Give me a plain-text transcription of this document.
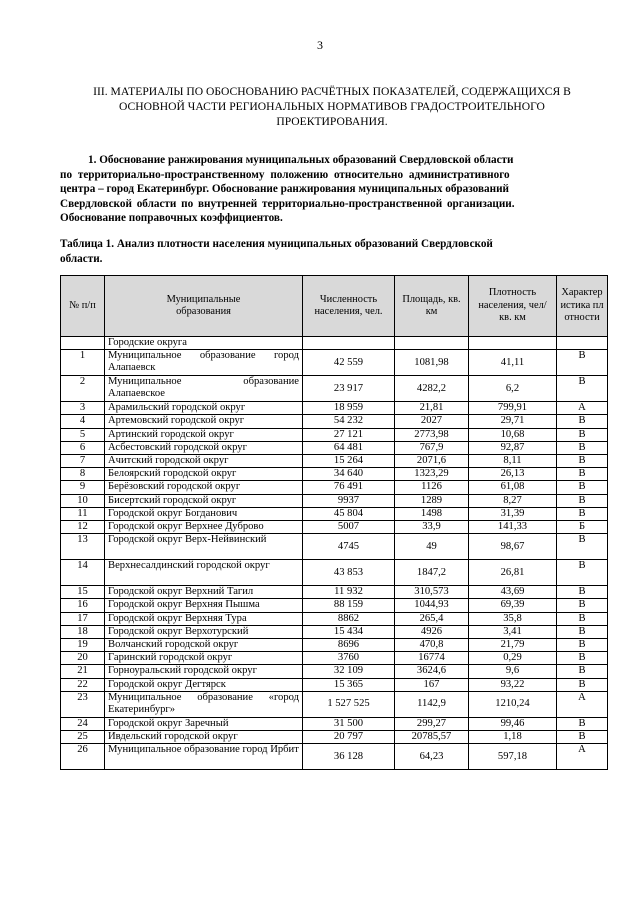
3
III. МАТЕРИАЛЫ ПО ОБОСНОВАНИЮ РАСЧЁТНЫХ ПОКАЗАТЕЛЕЙ, СОДЕРЖАЩИХСЯ В
ОСНОВНОЙ ЧАСТИ РЕГИОНАЛЬНЫХ НОРМАТИВОВ ГРАДОСТРОИТЕЛЬНОГО
ПРОЕКТИРОВАНИЯ.
1. Обоснование ранжирования муниципальных образований Свердловской области
по территориально-пространственному положению относительно административного
центра – город Екатеринбург. Обоснование ранжирования муниципальных образований
Свердловской области по внутренней территориально-пространственной организации.
Обоснование поправочных коэффициентов.
Таблица 1. Анализ плотности населения муниципальных образований Свердловской
области.
№ п/п	Муниципальные образования	Численность населения, чел.	Площадь, кв. км	Плотность населения, чел/ кв. км	Характеристика плотности
	Городские округа				
1	Муниципальное образование город Алапаевск	42 559	1081,98	41,11	В
2	Муниципальное образование Алапаевское	23 917	4282,2	6,2	В
3	Арамильский городской округ	18 959	21,81	799,91	А
4	Артемовский городской округ	54 232	2027	29,71	В
5	Артинский городской округ	27 121	2773,98	10,68	В
6	Асбестовский городской округ	64 481	767,9	92,87	В
7	Ачитский городской округ	15 264	2071,6	8,11	В
8	Белоярский городской округ	34 640	1323,29	26,13	В
9	Берёзовский городской округ	76 491	1126	61,08	В
10	Бисертский городской округ	9937	1289	8,27	В
11	Городской округ Богданович	45 804	1498	31,39	В
12	Городской округ Верхнее Дуброво	5007	33,9	141,33	Б
13	Городской округ Верх-Нейвинский	4745	49	98,67	В
14	Верхнесалдинский городской округ	43 853	1847,2	26,81	В
15	Городской округ Верхний Тагил	11 932	310,573	43,69	В
16	Городской округ Верхняя Пышма	88 159	1044,93	69,39	В
17	Городской округ Верхняя Тура	8862	265,4	35,8	В
18	Городской округ Верхотурский	15 434	4926	3,41	В
19	Волчанский городской округ	8696	470,8	21,79	В
20	Гаринский городской округ	3760	16774	0,29	В
21	Горноуральский городской округ	32 109	3624,6	9,6	В
22	Городской округ Дегтярск	15 365	167	93,22	В
23	Муниципальное образование «город Екатеринбург»	1 527 525	1142,9	1210,24	А
24	Городской округ Заречный	31 500	299,27	99,46	В
25	Ивдельский городской округ	20 797	20785,57	1,18	В
26	Муниципальное образование город Ирбит	36 128	64,23	597,18	А
